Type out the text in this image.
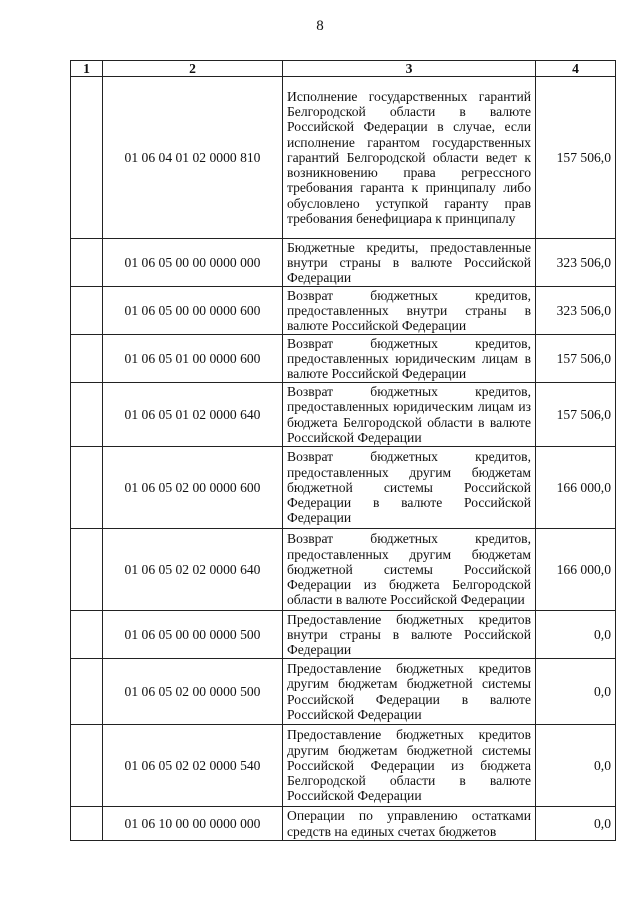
8
1	2	3	4
	01 06 04 01 02 0000 810	Исполнение государственных гарантий Белгородской области в валюте Российской Федерации в случае, если исполнение гарантом государственных гарантий Белгородской области ведет к возникновению права регрессного требования гаранта к принципалу либо обусловлено уступкой гаранту прав требования бенефициара к принципалу	157 506,0
	01 06 05 00 00 0000 000	Бюджетные кредиты, предоставленные внутри страны в валюте Российской Федерации	323 506,0
	01 06 05 00 00 0000 600	Возврат бюджетных кредитов, предоставленных внутри страны в валюте Российской Федерации	323 506,0
	01 06 05 01 00 0000 600	Возврат бюджетных кредитов, предоставленных юридическим лицам в валюте Российской Федерации	157 506,0
	01 06 05 01 02 0000 640	Возврат бюджетных кредитов, предоставленных юридическим лицам из бюджета Белгородской области в валюте Российской Федерации	157 506,0
	01 06 05 02 00 0000 600	Возврат бюджетных кредитов, предоставленных другим бюджетам бюджетной системы Российской Федерации в валюте Российской Федерации	166 000,0
	01 06 05 02 02 0000 640	Возврат бюджетных кредитов, предоставленных другим бюджетам бюджетной системы Российской Федерации из бюджета Белгородской области в валюте Российской Федерации	166 000,0
	01 06 05 00 00 0000 500	Предоставление бюджетных кредитов внутри страны в валюте Российской Федерации	0,0
	01 06 05 02 00 0000 500	Предоставление бюджетных кредитов другим бюджетам бюджетной системы Российской Федерации в валюте Российской Федерации	0,0
	01 06 05 02 02 0000 540	Предоставление бюджетных кредитов другим бюджетам бюджетной системы Российской Федерации из бюджета Белгородской области в валюте Российской Федерации	0,0
	01 06 10 00 00 0000 000	Операции по управлению остатками средств на единых счетах бюджетов	0,0
